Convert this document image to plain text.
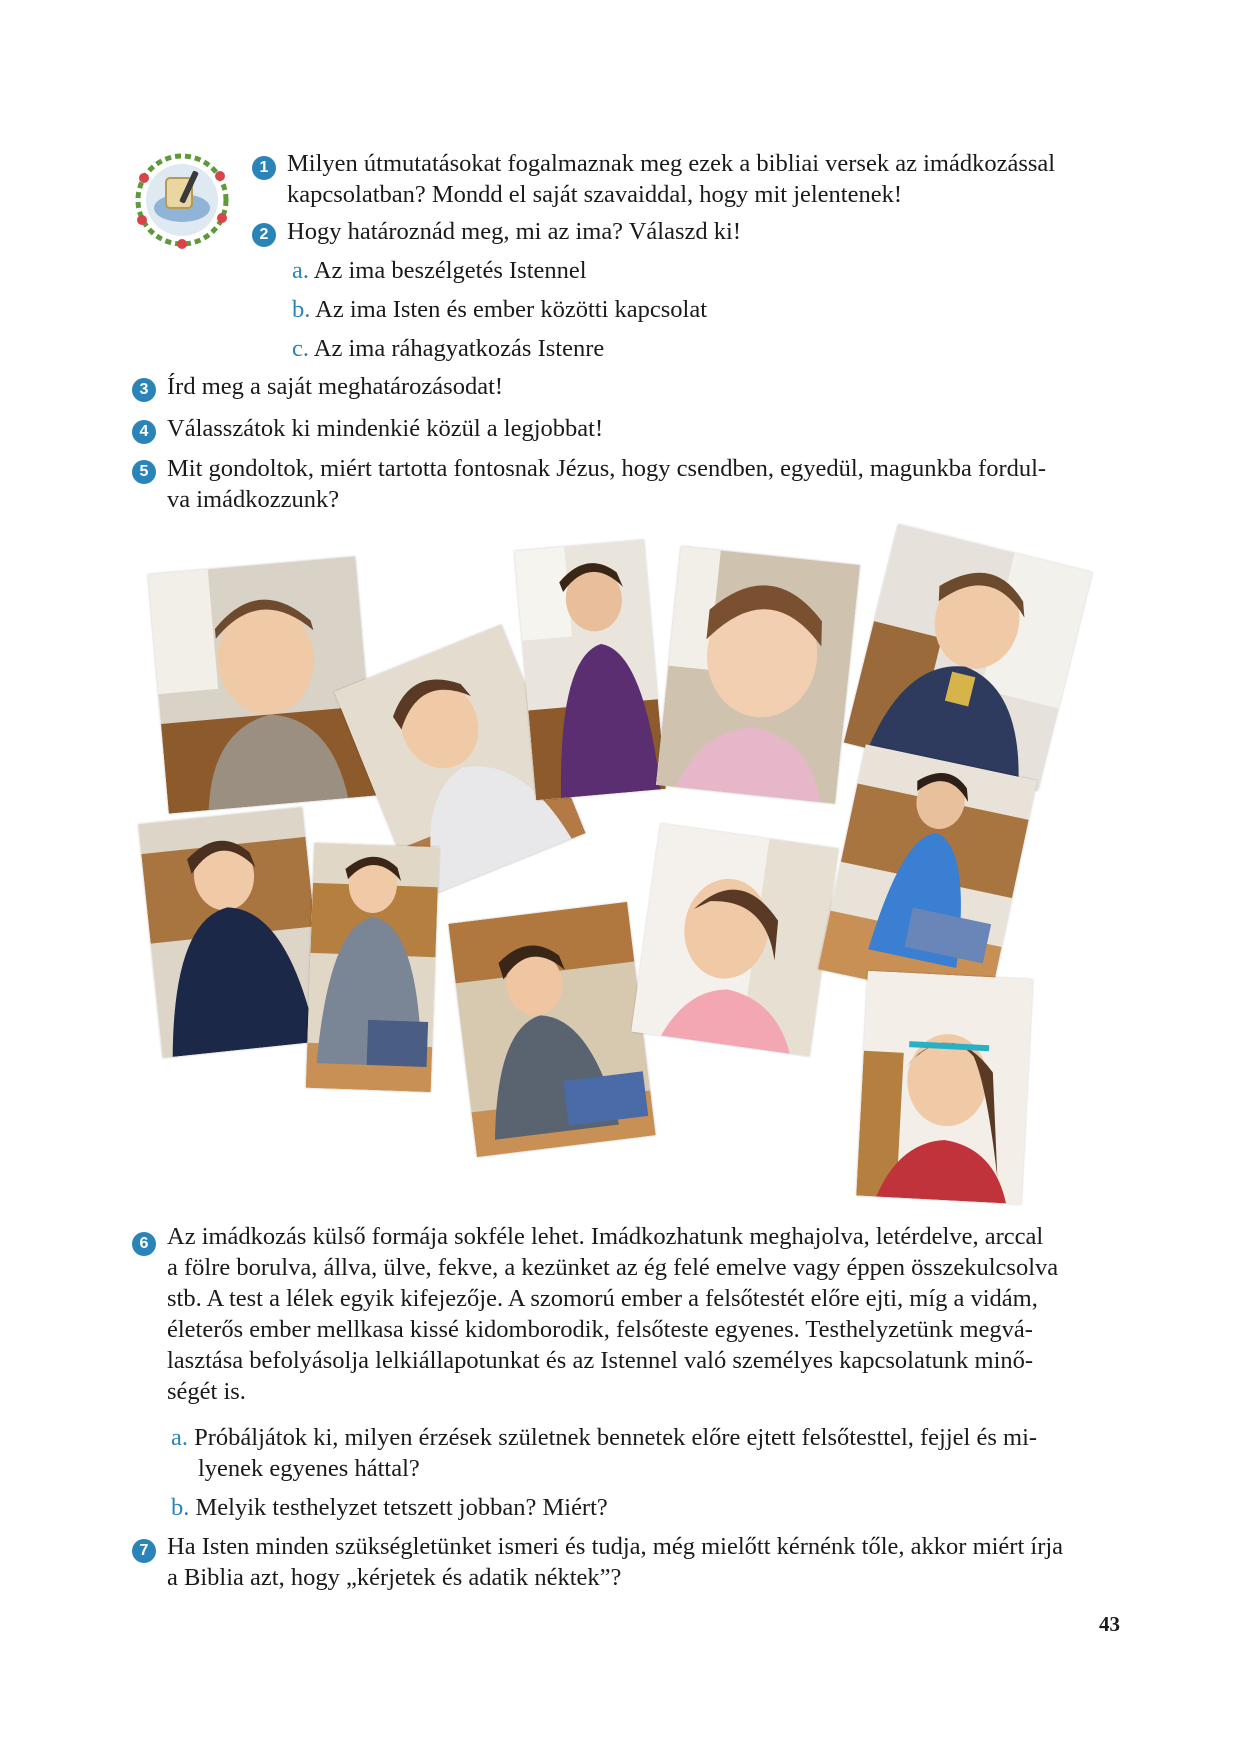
1 Milyen útmutatásokat fogalmaznak meg ezek a bibliai versek az imádkozással
kapcsolatban? Mondd el saját szavaiddal, hogy mit jelentenek!
2 Hogy határoznád meg, mi az ima? Válaszd ki!
a. Az ima beszélgetés Istennel
b. Az ima Isten és ember közötti kapcsolat
c. Az ima ráhagyatkozás Istenre
3 Írd meg a saját meghatározásodat!
4 Válasszátok ki mindenkié közül a legjobbat!
5 Mit gondoltok, miért tartotta fontosnak Jézus, hogy csendben, egyedül, magunkba fordul-
va imádkozzunk?
6 Az imádkozás külső formája sokféle lehet. Imádkozhatunk meghajolva, letérdelve, arccal
a fölre borulva, állva, ülve, fekve, a kezünket az ég felé emelve vagy éppen összekulcsolva
stb. A test a lélek egyik kifejezője. A szomorú ember a felsőtestét előre ejti, míg a vidám,
életerős ember mellkasa kissé kidomborodik, felsőteste egyenes. Testhelyzetünk megvá-
lasztása befolyásolja lelkiállapotunkat és az Istennel való személyes kapcsolatunk minő-
ségét is.
a. Próbáljátok ki, milyen érzések születnek bennetek előre ejtett felsőtesttel, fejjel és mi-
lyenek egyenes háttal?
b. Melyik testhelyzet tetszett jobban? Miért?
7 Ha Isten minden szükségletünket ismeri és tudja, még mielőtt kérnénk tőle, akkor miért írja
a Biblia azt, hogy „kérjetek és adatik néktek”?
43
